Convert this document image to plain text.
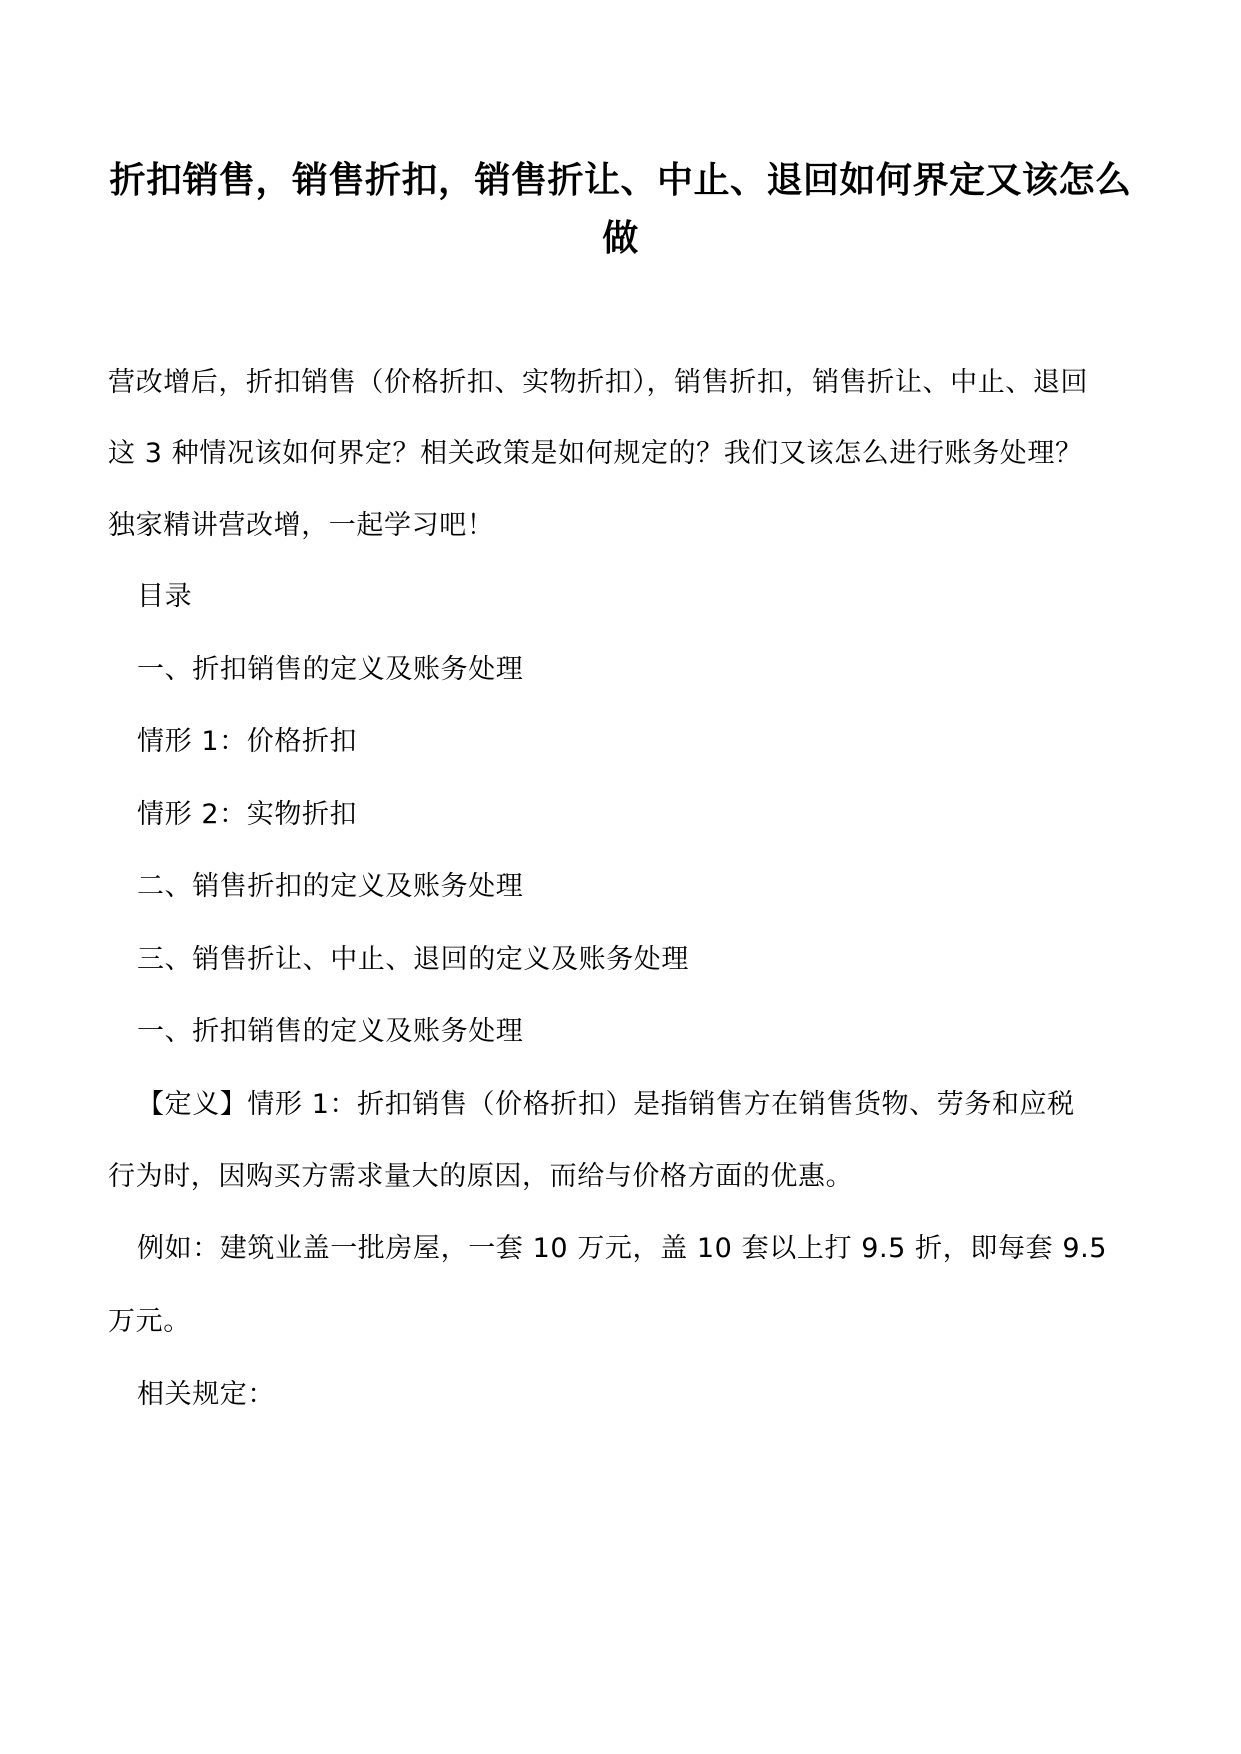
折扣销售，销售折扣，销售折让、中止、退回如何界定又该怎么做

营改增后，折扣销售（价格折扣、实物折扣），销售折扣，销售折让、中止、退回

这 3 种情况该如何界定？相关政策是如何规定的？我们又该怎么进行账务处理？

独家精讲营改增，一起学习吧！

目录

一、折扣销售的定义及账务处理

情形 1：价格折扣

情形 2：实物折扣

二、销售折扣的定义及账务处理

三、销售折让、中止、退回的定义及账务处理

一、折扣销售的定义及账务处理

【定义】情形 1：折扣销售（价格折扣）是指销售方在销售货物、劳务和应税

行为时，因购买方需求量大的原因，而给与价格方面的优惠。

例如：建筑业盖一批房屋，一套 10 万元，盖 10 套以上打 9.5 折，即每套 9.5

万元。

相关规定：
